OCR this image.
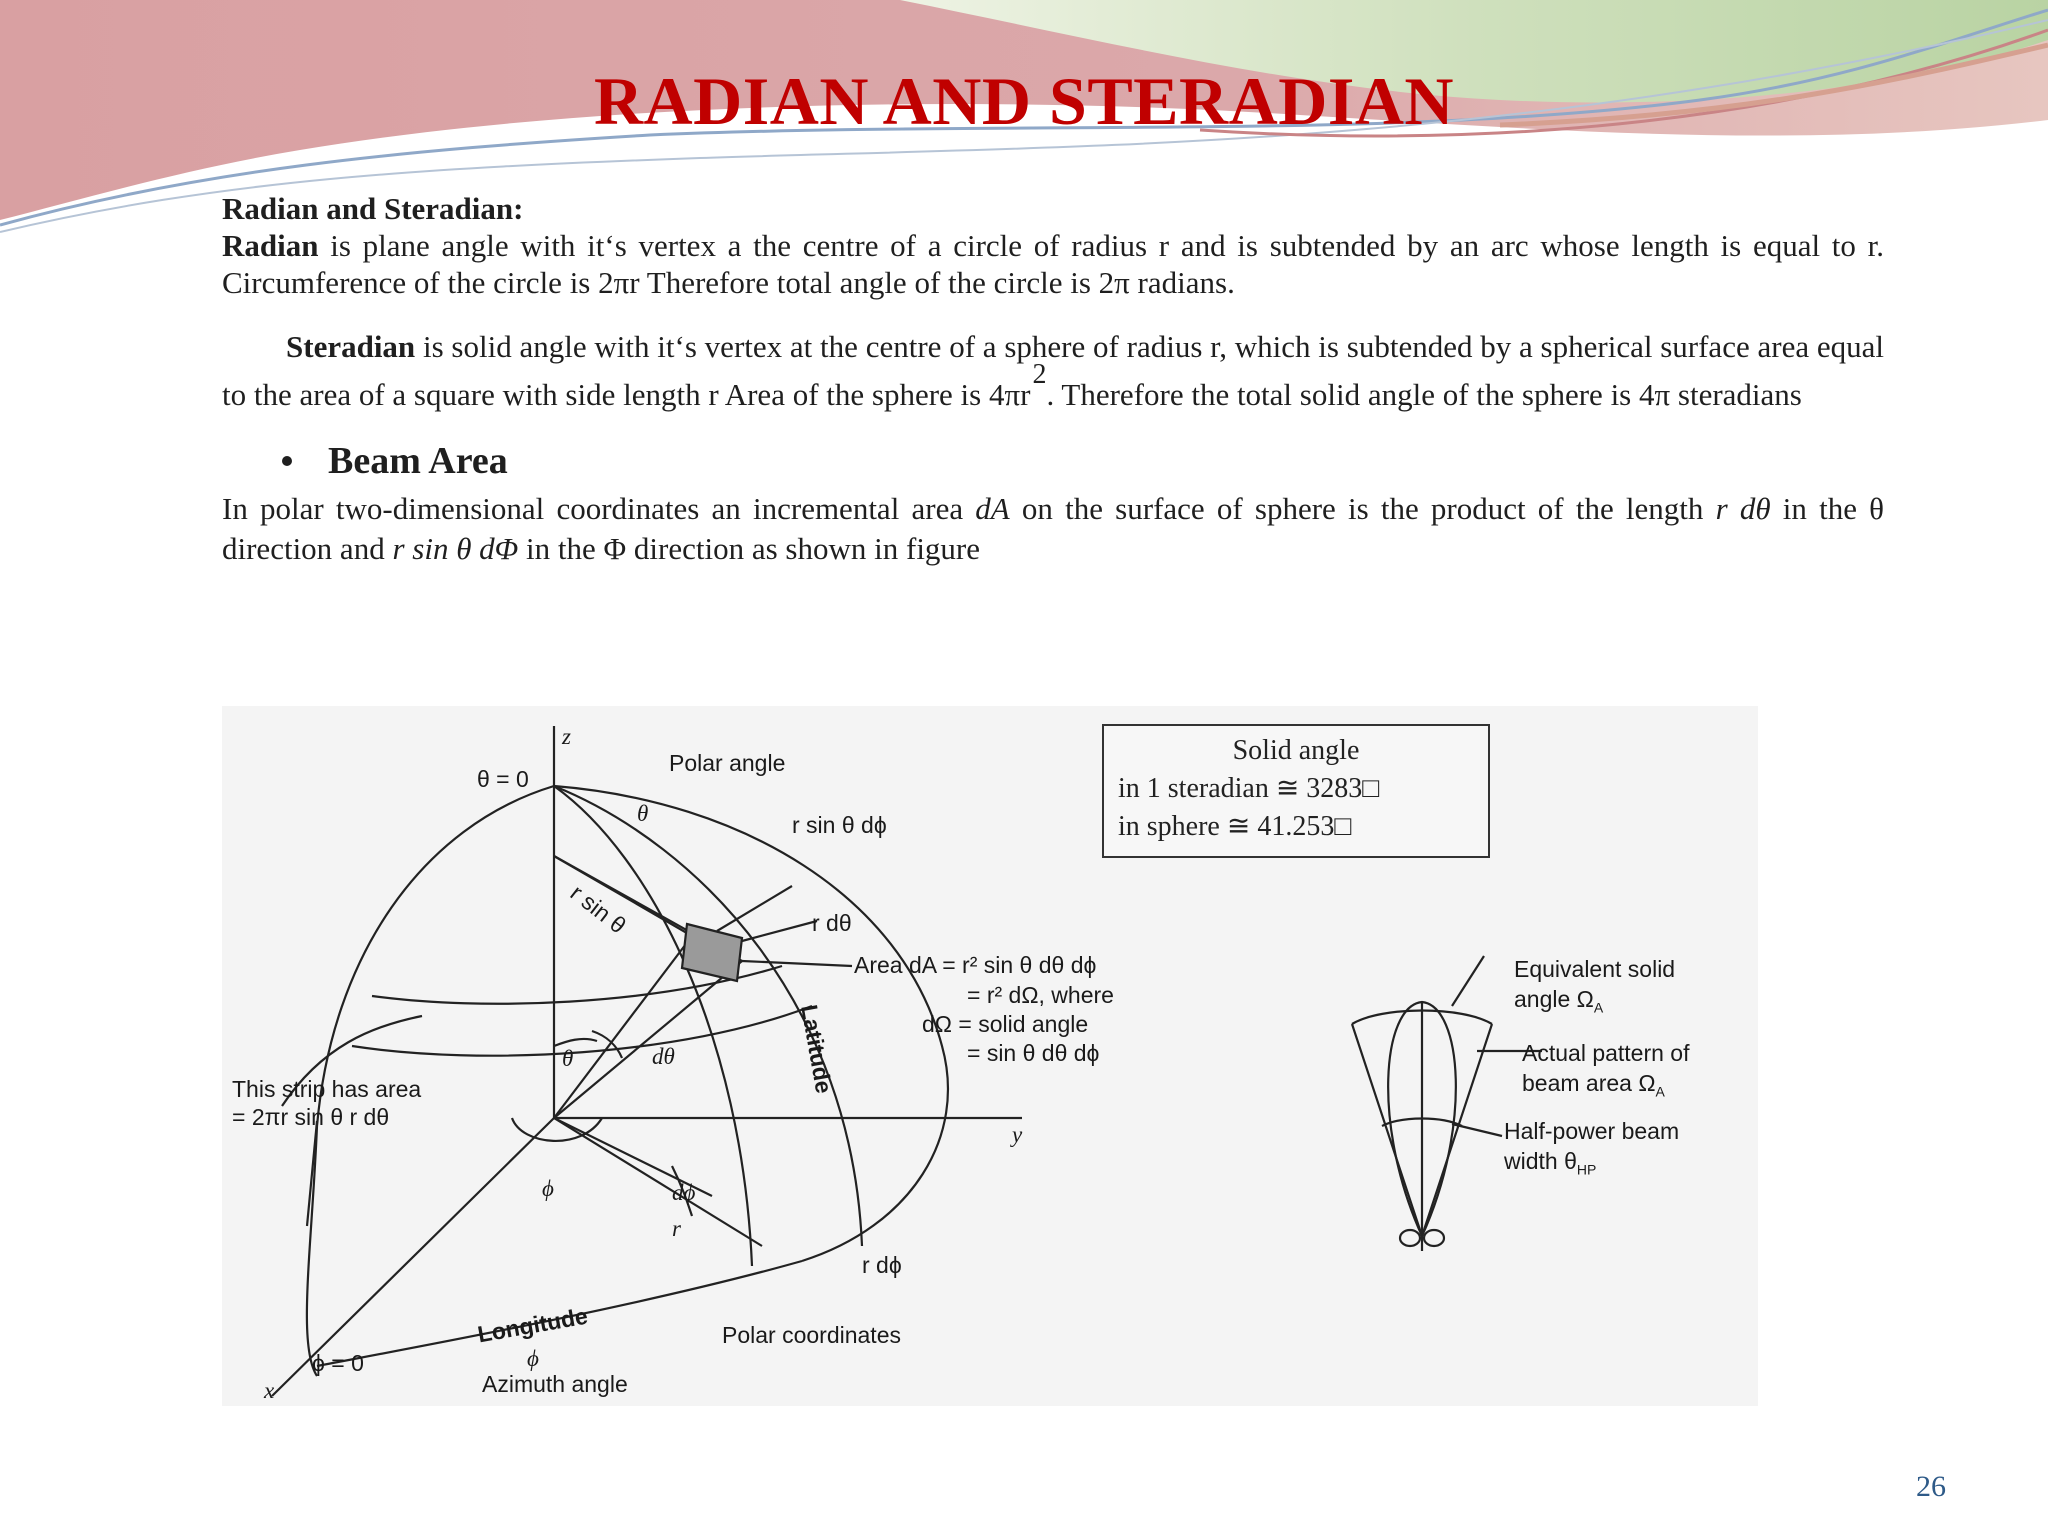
RADIAN AND STERADIAN

Radian and Steradian:

Radian is plane angle with it‘s vertex a the centre of a circle of radius r and is subtended by an arc whose length is equal to r. Circumference of the circle is 2πr Therefore total angle of the circle is 2π radians.

Steradian is solid angle with it‘s vertex at the centre of a sphere of radius r, which is subtended by a spherical surface area equal to the area of a square with side length r Area of the sphere is 4πr2. Therefore the total solid angle of the sphere is 4π steradians

Beam Area

In polar two-dimensional coordinates an incremental area dA on the surface of sphere is the product of the length r dθ in the θ direction and r sin θ dΦ in the Φ direction as shown in figure

z
θ = 0
Polar angle
θ	r sin θ dϕ
r sin θ	r dθ
Area dA = r² sin θ dθ dϕ
= r² dΩ, where
dΩ = solid angle
= sin θ dθ dϕ
Latitude
θ	dθ
This strip has area
= 2πr sin θ r dθ
y
ϕ	dϕ
r
r dϕ
Longitude
ϕ = 0
x
ϕ
Azimuth angle
Polar coordinates
Equivalent solid
angle $\Omega_A$
Actual pattern of
beam area $\Omega_A$
Half-power beam
width $\theta_{HP}$
Solid angle
in 1 steradian ≅ 3283□
in sphere ≅ 41.253□
26
